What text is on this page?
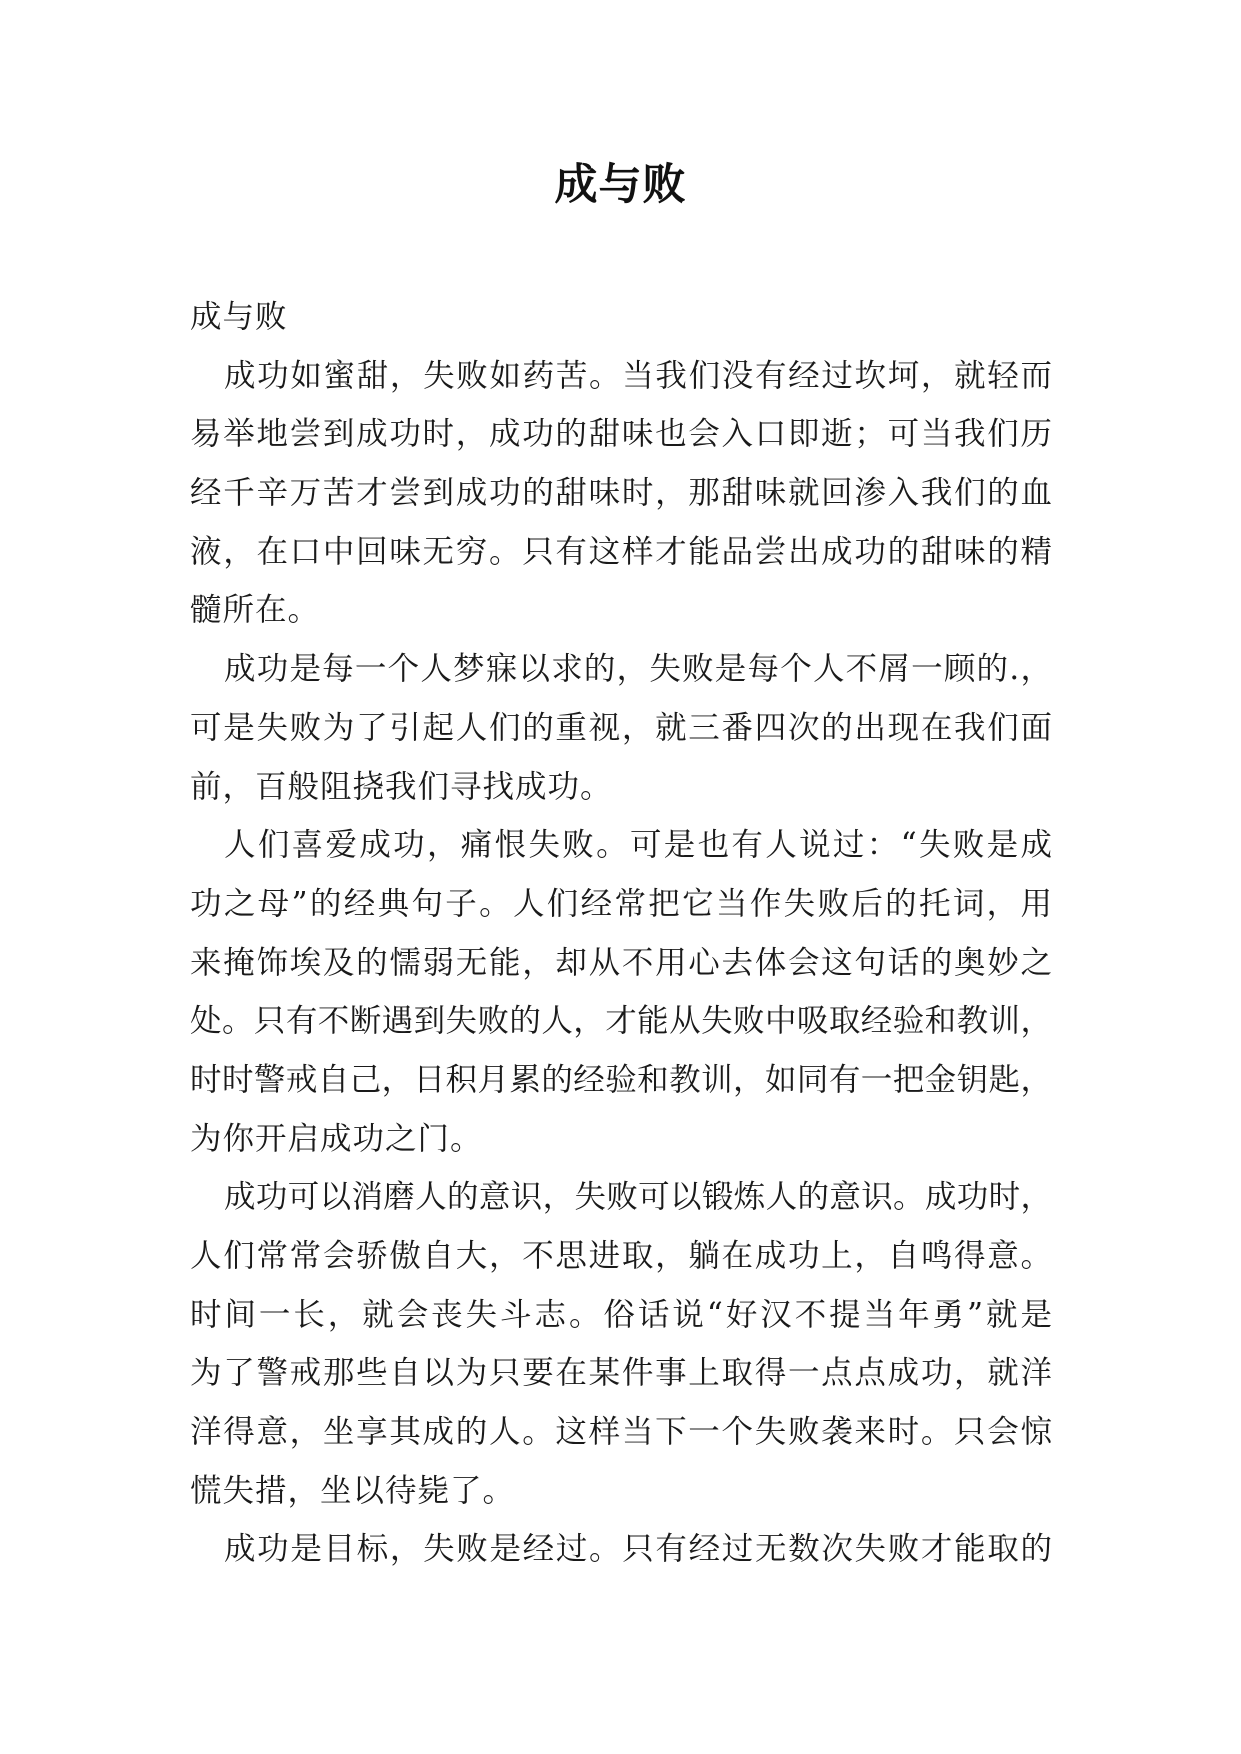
成与败
成与败
成功如蜜甜，失败如药苦。当我们没有经过坎坷，就轻而
易举地尝到成功时，成功的甜味也会入口即逝；可当我们历
经千辛万苦才尝到成功的甜味时，那甜味就回渗入我们的血
液，在口中回味无穷。只有这样才能品尝出成功的甜味的精
髓所在。
成功是每一个人梦寐以求的，失败是每个人不屑一顾的.，
可是失败为了引起人们的重视，就三番四次的出现在我们面
前，百般阻挠我们寻找成功。
人们喜爱成功，痛恨失败。可是也有人说过：“失败是成
功之母”的经典句子。人们经常把它当作失败后的托词，用
来掩饰埃及的懦弱无能，却从不用心去体会这句话的奥妙之
处。只有不断遇到失败的人，才能从失败中吸取经验和教训，
时时警戒自己，日积月累的经验和教训，如同有一把金钥匙，
为你开启成功之门。
成功可以消磨人的意识，失败可以锻炼人的意识。成功时，
人们常常会骄傲自大，不思进取，躺在成功上，自鸣得意。
时间一长，就会丧失斗志。俗话说“好汉不提当年勇”就是
为了警戒那些自以为只要在某件事上取得一点点成功，就洋
洋得意，坐享其成的人。这样当下一个失败袭来时。只会惊
慌失措，坐以待毙了。
成功是目标，失败是经过。只有经过无数次失败才能取的
